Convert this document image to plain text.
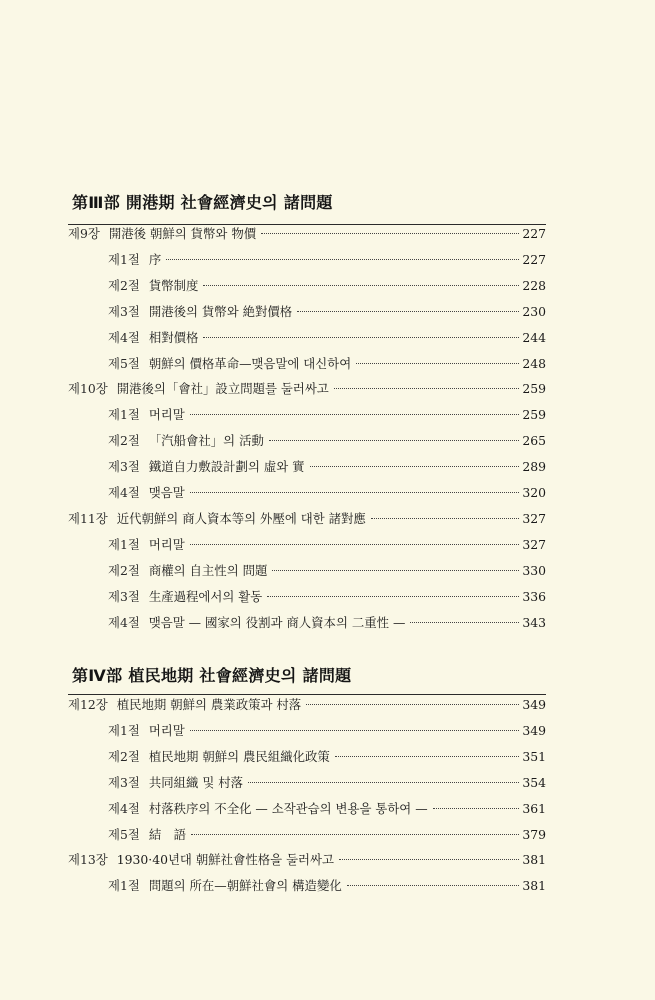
第Ⅲ部 開港期 社會經濟史의 諸問題
제9장 開港後 朝鮮의 貨幣와 物價	227
제1절 序	227
제2절 貨幣制度	228
제3절 開港後의 貨幣와 絶對價格	230
제4절 相對價格	244
제5절 朝鮮의 價格革命—맺음말에 대신하여	248
제10장 開港後의「會社」設立問題를 둘러싸고	259
제1절 머리말	259
제2절 「汽船會社」의 活動	265
제3절 鐵道自力敷設計劃의 虛와 實	289
제4절 맺음말	320
제11장 近代朝鮮의 商人資本等의 外壓에 대한 諸對應	327
제1절 머리말	327
제2절 商權의 自主性의 問題	330
제3절 生產過程에서의 활동	336
제4절 맺음말 — 國家의 役割과 商人資本의 二重性 —	343
第Ⅳ部 植民地期 社會經濟史의 諸問題
제12장 植民地期 朝鮮의 農業政策과 村落	349
제1절 머리말	349
제2절 植民地期 朝鮮의 農民組織化政策	351
제3절 共同組織 및 村落	354
제4절 村落秩序의 不全化 — 소작관습의 변용을 통하여 —	361
제5절 結　語	379
제13장 1930·40년대 朝鮮社會性格을 둘러싸고	381
제1절 問題의 所在—朝鮮社會의 構造變化	381
